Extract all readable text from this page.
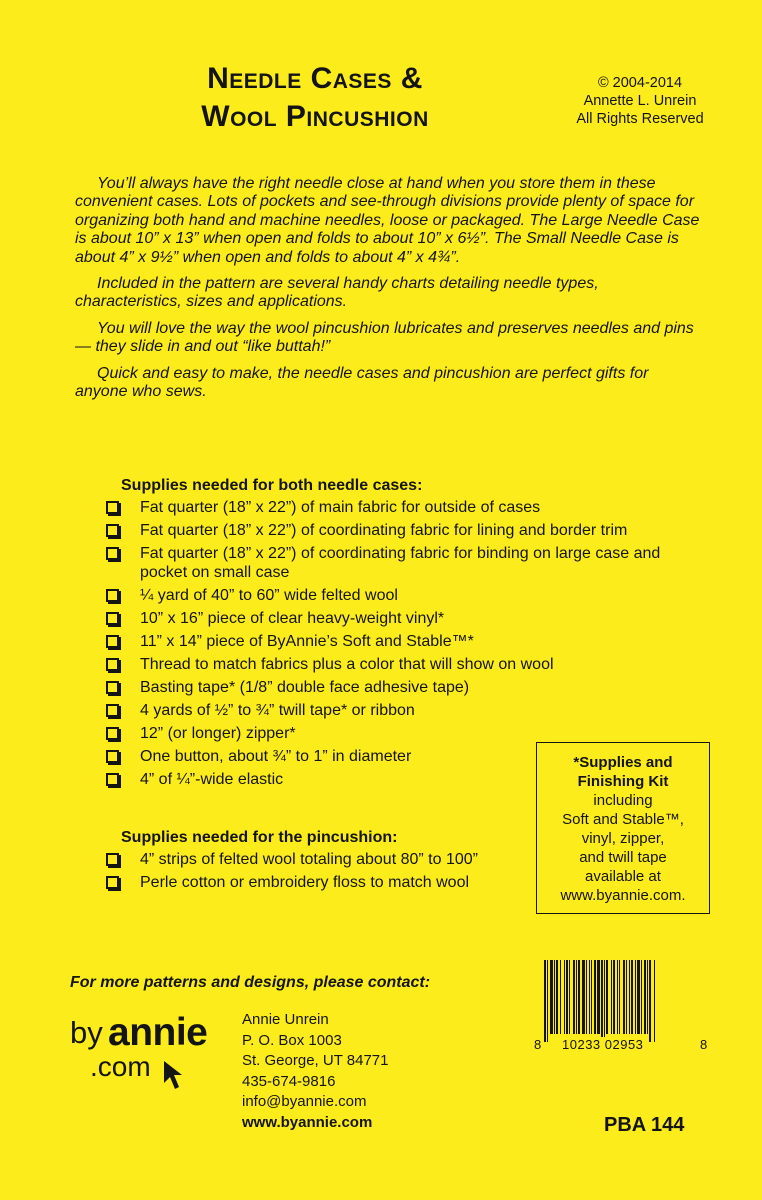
Needle Cases &
Wool Pincushion
© 2004-2014
Annette L. Unrein
All Rights Reserved

You’ll always have the right needle close at hand when you store them in these convenient cases. Lots of pockets and see-through divisions provide plenty of space for organizing both hand and machine needles, loose or packaged. The Large Needle Case is about 10” x 13” when open and folds to about 10” x 6½”. The Small Needle Case is about 4” x 9½” when open and folds to about 4” x 4¾”.

Included in the pattern are several handy charts detailing needle types, characteristics, sizes and applications.

You will love the way the wool pincushion lubricates and preserves needles and pins — they slide in and out “like buttah!”

Quick and easy to make, the needle cases and pincushion are perfect gifts for anyone who sews.

Supplies needed for both needle cases:
Fat quarter (18” x 22”) of main fabric for outside of cases
Fat quarter (18” x 22”) of coordinating fabric for lining and border trim
Fat quarter (18” x 22”) of coordinating fabric for binding on large case and pocket on small case
¼ yard of 40” to 60” wide felted wool
10” x 16” piece of clear heavy-weight vinyl*
11” x 14” piece of ByAnnie’s Soft and Stable™*
Thread to match fabrics plus a color that will show on wool
Basting tape* (1/8” double face adhesive tape)
4 yards of ½” to ¾” twill tape* or ribbon
12” (or longer) zipper*
One button, about ¾” to 1” in diameter
4” of ¼”-wide elastic
Supplies needed for the pincushion:
4” strips of felted wool totaling about 80” to 100”
Perle cotton or embroidery floss to match wool
*Supplies and
Finishing Kit
including
Soft and Stable™,
vinyl, zipper,
and twill tape
available at
www.byannie.com.
For more patterns and designs, please contact:
by annie
.com
Annie Unrein
P. O. Box 1003
St. George, UT 84771
435-674-9816
info@byannie.com
www.byannie.com
8 10233 02953	8
PBA 144
